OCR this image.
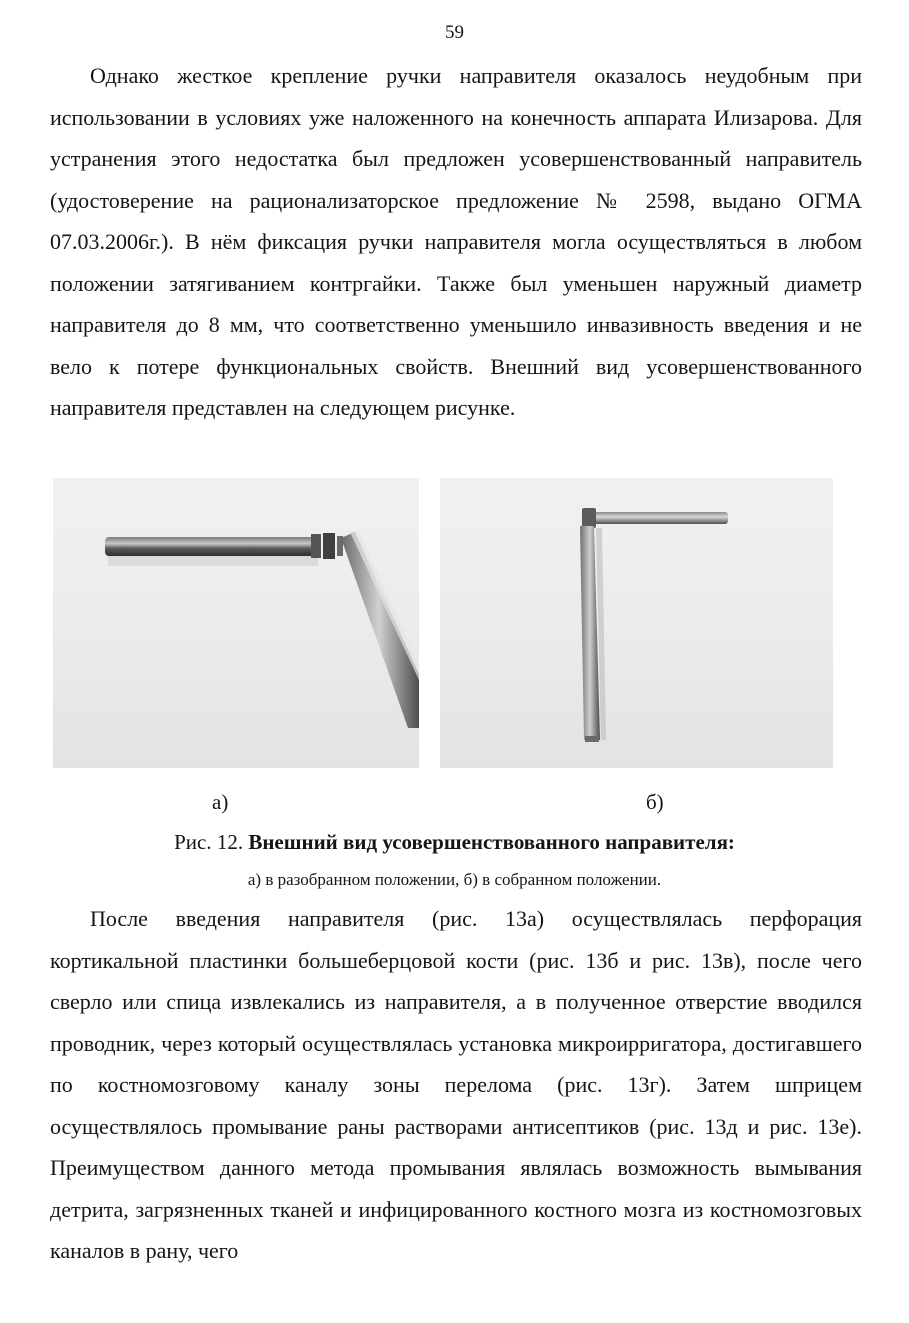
59

Однако жесткое крепление ручки направителя оказалось неудобным при использовании в условиях уже наложенного на конечность аппарата Илизарова. Для устранения этого недостатка был предложен усовершенствованный направитель (удостоверение на рационализаторское предложение № 2598, выдано ОГМА 07.03.2006г.). В нём фиксация ручки направителя могла осуществляться в любом положении затягиванием контргайки. Также был уменьшен наружный диаметр направителя до 8 мм, что соответственно уменьшило инвазивность введения и не вело к потере функциональных свойств. Внешний вид усовершенствованного направителя представлен на следующем рисунке.

а)	б)
Рис. 12. Внешний вид усовершенствованного направителя:
а) в разобранном положении, б) в собранном положении.

После введения направителя (рис. 13а) осуществлялась перфорация кортикальной пластинки большеберцовой кости (рис. 13б и рис. 13в), после чего сверло или спица извлекались из направителя, а в полученное отверстие вводился проводник, через который осуществлялась установка микроирригатора, достигавшего по костномозговому каналу зоны перелома (рис. 13г). Затем шприцем осуществлялось промывание раны растворами антисептиков (рис. 13д и рис. 13е). Преимуществом данного метода промывания являлась возможность вымывания детрита, загрязненных тканей и инфицированного костного мозга из костномозговых каналов в рану, чего
